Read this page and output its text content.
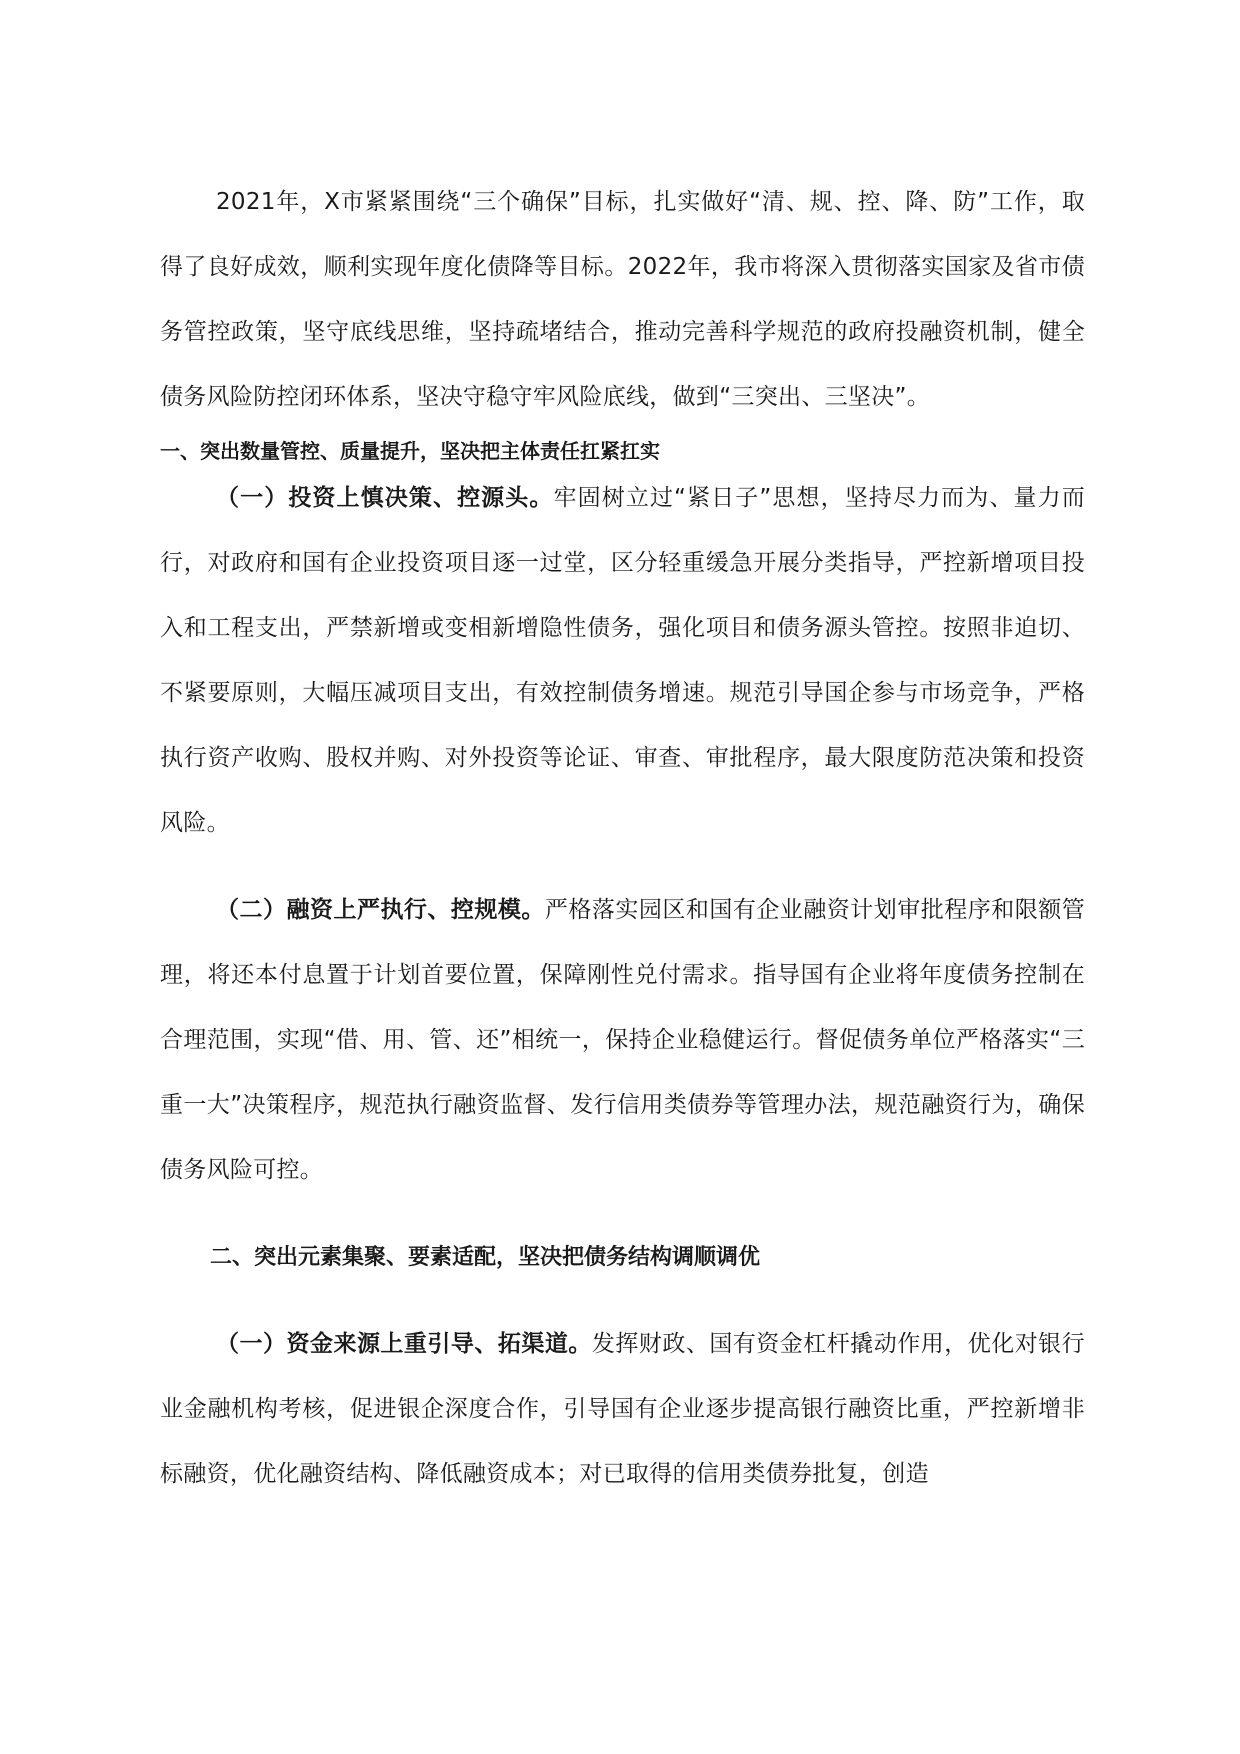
2021年，X市紧紧围绕“三个确保”目标，扎实做好“清、规、控、降、防”工作，取得了良好成效，顺利实现年度化债降等目标。2022年，我市将深入贯彻落实国家及省市债务管控政策，坚守底线思维，坚持疏堵结合，推动完善科学规范的政府投融资机制，健全债务风险防控闭环体系，坚决守稳守牢风险底线，做到“三突出、三坚决”。

一、突出数量管控、质量提升，坚决把主体责任扛紧扛实

（一）投资上慎决策、控源头。牢固树立过“紧日子”思想，坚持尽力而为、量力而行，对政府和国有企业投资项目逐一过堂，区分轻重缓急开展分类指导，严控新增项目投入和工程支出，严禁新增或变相新增隐性债务，强化项目和债务源头管控。按照非迫切、不紧要原则，大幅压减项目支出，有效控制债务增速。规范引导国企参与市场竞争，严格执行资产收购、股权并购、对外投资等论证、审查、审批程序，最大限度防范决策和投资风险。

（二）融资上严执行、控规模。严格落实园区和国有企业融资计划审批程序和限额管理，将还本付息置于计划首要位置，保障刚性兑付需求。指导国有企业将年度债务控制在合理范围，实现“借、用、管、还”相统一，保持企业稳健运行。督促债务单位严格落实“三重一大”决策程序，规范执行融资监督、发行信用类债券等管理办法，规范融资行为，确保债务风险可控。

二、突出元素集聚、要素适配，坚决把债务结构调顺调优

（一）资金来源上重引导、拓渠道。发挥财政、国有资金杠杆撬动作用，优化对银行业金融机构考核，促进银企深度合作，引导国有企业逐步提高银行融资比重，严控新增非标融资，优化融资结构、降低融资成本；对已取得的信用类债券批复，创造
